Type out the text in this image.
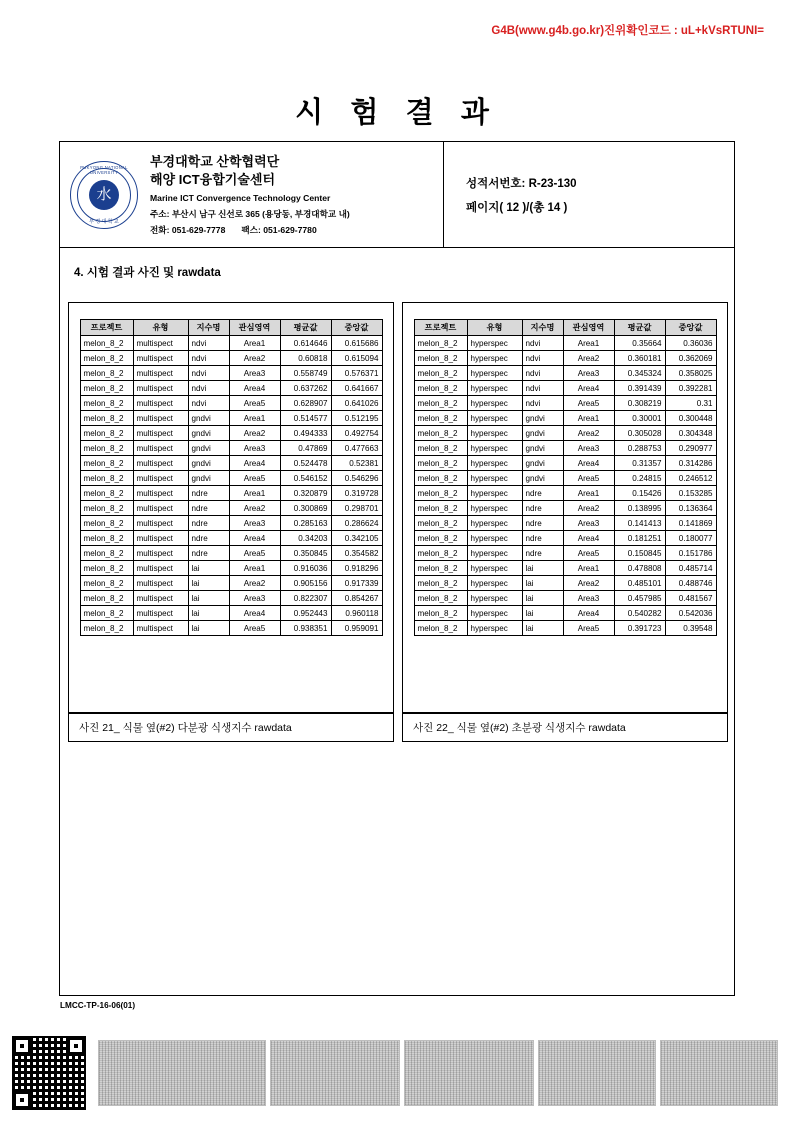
G4B(www.g4b.go.kr)진위확인코드 : uL+kVsRTUNI=
시 험 결 과
PUKYONG NATIONAL UNIVERSITY
부 경 대 학 교
水
부경대학교 산학협력단
해양 ICT융합기술센터
Marine ICT Convergence Technology Center
주소: 부산시 남구 신선로 365 (용당동, 부경대학교 내)
전화: 051-629-7778 팩스: 051-629-7780
성적서번호: R-23-130
페이지( 12 )/(총 14 )
4. 시험 결과 사진 및 rawdata
프로젝트	유형	지수명	관심영역	평균값	중앙값
melon_8_2	multispect	ndvi	Area1	0.614646	0.615686
melon_8_2	multispect	ndvi	Area2	0.60818	0.615094
melon_8_2	multispect	ndvi	Area3	0.558749	0.576371
melon_8_2	multispect	ndvi	Area4	0.637262	0.641667
melon_8_2	multispect	ndvi	Area5	0.628907	0.641026
melon_8_2	multispect	gndvi	Area1	0.514577	0.512195
melon_8_2	multispect	gndvi	Area2	0.494333	0.492754
melon_8_2	multispect	gndvi	Area3	0.47869	0.477663
melon_8_2	multispect	gndvi	Area4	0.524478	0.52381
melon_8_2	multispect	gndvi	Area5	0.546152	0.546296
melon_8_2	multispect	ndre	Area1	0.320879	0.319728
melon_8_2	multispect	ndre	Area2	0.300869	0.298701
melon_8_2	multispect	ndre	Area3	0.285163	0.286624
melon_8_2	multispect	ndre	Area4	0.34203	0.342105
melon_8_2	multispect	ndre	Area5	0.350845	0.354582
melon_8_2	multispect	lai	Area1	0.916036	0.918296
melon_8_2	multispect	lai	Area2	0.905156	0.917339
melon_8_2	multispect	lai	Area3	0.822307	0.854267
melon_8_2	multispect	lai	Area4	0.952443	0.960118
melon_8_2	multispect	lai	Area5	0.938351	0.959091
프로젝트	유형	지수명	관심영역	평균값	중앙값
melon_8_2	hyperspec	ndvi	Area1	0.35664	0.36036
melon_8_2	hyperspec	ndvi	Area2	0.360181	0.362069
melon_8_2	hyperspec	ndvi	Area3	0.345324	0.358025
melon_8_2	hyperspec	ndvi	Area4	0.391439	0.392281
melon_8_2	hyperspec	ndvi	Area5	0.308219	0.31
melon_8_2	hyperspec	gndvi	Area1	0.30001	0.300448
melon_8_2	hyperspec	gndvi	Area2	0.305028	0.304348
melon_8_2	hyperspec	gndvi	Area3	0.288753	0.290977
melon_8_2	hyperspec	gndvi	Area4	0.31357	0.314286
melon_8_2	hyperspec	gndvi	Area5	0.24815	0.246512
melon_8_2	hyperspec	ndre	Area1	0.15426	0.153285
melon_8_2	hyperspec	ndre	Area2	0.138995	0.136364
melon_8_2	hyperspec	ndre	Area3	0.141413	0.141869
melon_8_2	hyperspec	ndre	Area4	0.181251	0.180077
melon_8_2	hyperspec	ndre	Area5	0.150845	0.151786
melon_8_2	hyperspec	lai	Area1	0.478808	0.485714
melon_8_2	hyperspec	lai	Area2	0.485101	0.488746
melon_8_2	hyperspec	lai	Area3	0.457985	0.481567
melon_8_2	hyperspec	lai	Area4	0.540282	0.542036
melon_8_2	hyperspec	lai	Area5	0.391723	0.39548
사진 21_ 식물 옆(#2) 다분광 식생지수 rawdata	사진 22_ 식물 옆(#2) 초분광 식생지수 rawdata
LMCC-TP-16-06(01)
